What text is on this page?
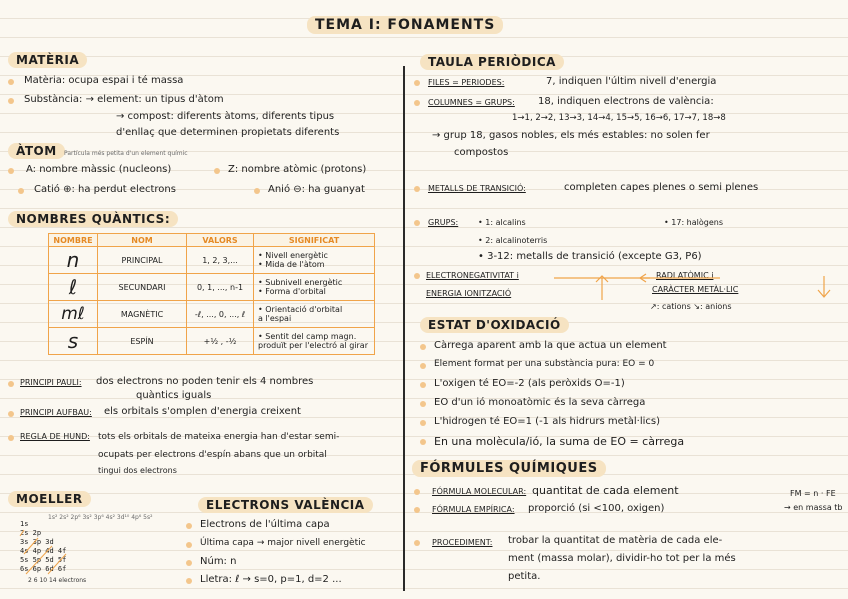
TEMA I: FONAMENTS
MATÈRIA
Matèria: ocupa espai i té massa
Substància: → element: un tipus d'àtom
→ compost: diferents àtoms, diferents tipus
d'enllaç que determinen propietats diferents
ÀTOM	Partícula més petita d'un element químic
A: nombre màssic (nucleons)	Z: nombre atòmic (protons)
Catió ⊕: ha perdut electrons	Anió ⊖: ha guanyat
NOMBRES QUÀNTICS:
NOMBRE	NOM	VALORS	SIGNIFICAT
n	PRINCIPAL	1, 2, 3,...	• Nivell energètic
• Mida de l'àtom

ℓ	SECUNDARI	0, 1, ..., n-1	• Subnivell energètic
• Forma d'orbital

mℓ	MAGNÈTIC	-ℓ, ..., 0, ..., ℓ	• Orientació d'orbital
a l'espai

s	ESPÍN	+½ , -½	• Sentit del camp magn.
produït per l'electró al girar
PRINCIPI PAULI: dos electrons no poden tenir els 4 nombres
quàntics iguals
PRINCIPI AUFBAU: els orbitals s'omplen d'energia creixent
REGLA DE HUND: tots els orbitals de mateixa energia han d'estar semi-
ocupats per electrons d'espín abans que un orbital
tingui dos electrons
MOELLER
1s² 2s² 2p⁶ 3s² 3p⁶ 4s² 3d¹⁰ 4p⁶ 5s²
1s
2s 2p
3s 3p 3d
4s 4p 4d 4f
5s 5p 5d 5f
6s 6p 6d 6f
2 6 10 14 electrons
ELECTRONS VALÈNCIA
Electrons de l'última capa
Última capa → major nivell energètic
Núm: n
Lletra: ℓ → s=0, p=1, d=2 ...
TAULA PERIÒDICA
FILES = PERIODES:	7, indiquen l'últim nivell d'energia
COLUMNES = GRUPS: 18, indiquen electrons de valència:
1→1, 2→2, 13→3, 14→4, 15→5, 16→6, 17→7, 18→8
→ grup 18, gasos nobles, els més estables: no solen fer
compostos
METALLS DE TRANSICIÓ:	completen capes plenes o semi plenes
GRUPS: • 1: alcalins	• 17: halògens
• 2: alcalinoterris
• 3-12: metalls de transició (excepte G3, P6)
ELECTRONEGATIVITAT i
ENERGIA IONITZACIÓ
RADI ATÒMIC i
CARÀCTER METÀL·LIC
↗: cations ↘: anions
ESTAT D'OXIDACIÓ
Càrrega aparent amb la que actua un element
Element format per una substància pura: EO = 0
L'oxigen té EO=-2 (als peròxids O=-1)
EO d'un ió monoatòmic és la seva càrrega
L'hidrogen té EO=1 (-1 als hidrurs metàl·lics)
En una molècula/ió, la suma de EO = càrrega
FÓRMULES QUÍMIQUES
FÓRMULA MOLECULAR: quantitat de cada element
FÓRMULA EMPÍRICA: proporció (si <100, oxigen)
FM = n · FE
→ en massa tb
PROCEDIMENT: trobar la quantitat de matèria de cada ele-
ment (massa molar), dividir-ho tot per la més
petita.
